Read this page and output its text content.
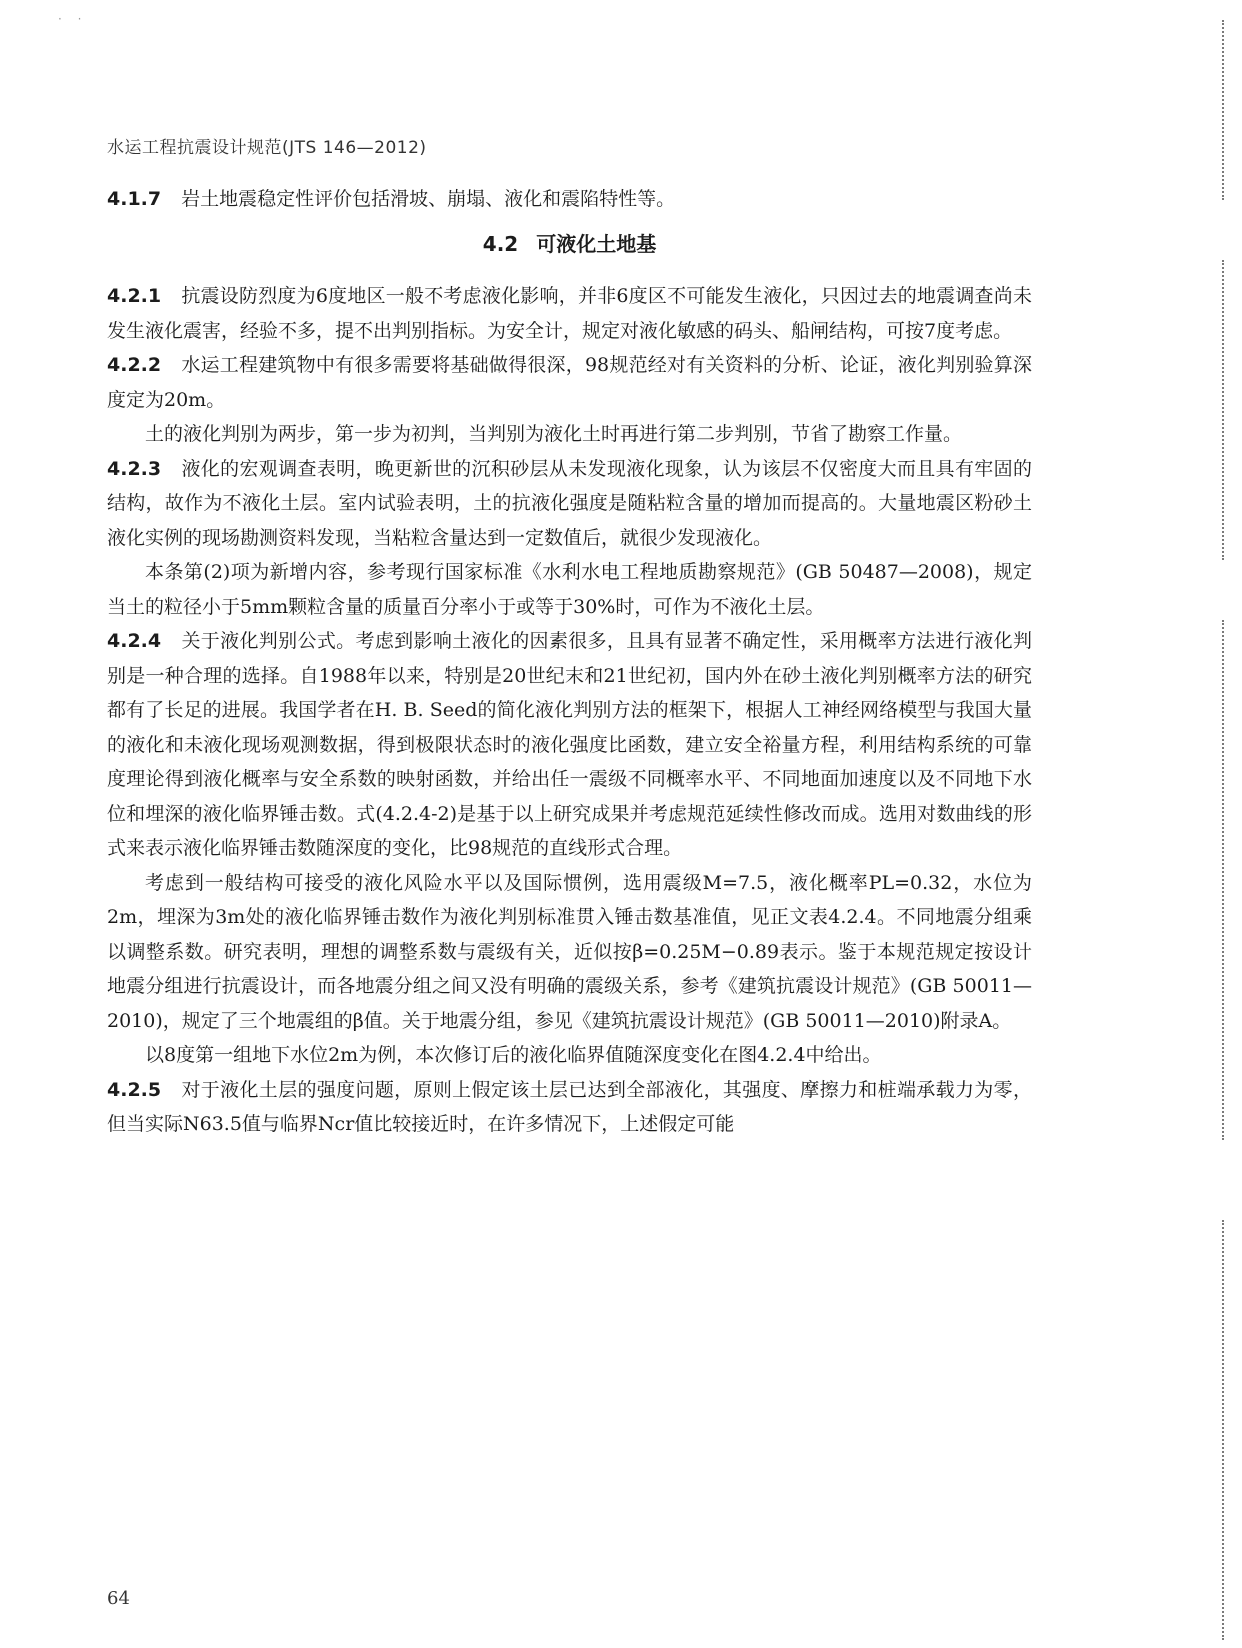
· ·
水运工程抗震设计规范(JTS 146—2012)

4.1.7 岩土地震稳定性评价包括滑坡、崩塌、液化和震陷特性等。

4.2 可液化土地基

4.2.1 抗震设防烈度为6度地区一般不考虑液化影响，并非6度区不可能发生液化，只因过去的地震调查尚未发生液化震害，经验不多，提不出判别指标。为安全计，规定对液化敏感的码头、船闸结构，可按7度考虑。

4.2.2 水运工程建筑物中有很多需要将基础做得很深，98规范经对有关资料的分析、论证，液化判别验算深度定为20m。

土的液化判别为两步，第一步为初判，当判别为液化土时再进行第二步判别，节省了勘察工作量。

4.2.3 液化的宏观调查表明，晚更新世的沉积砂层从未发现液化现象，认为该层不仅密度大而且具有牢固的结构，故作为不液化土层。室内试验表明，土的抗液化强度是随粘粒含量的增加而提高的。大量地震区粉砂土液化实例的现场勘测资料发现，当粘粒含量达到一定数值后，就很少发现液化。

本条第(2)项为新增内容，参考现行国家标准《水利水电工程地质勘察规范》(GB 50487—2008)，规定当土的粒径小于5mm颗粒含量的质量百分率小于或等于30%时，可作为不液化土层。

4.2.4 关于液化判别公式。考虑到影响土液化的因素很多，且具有显著不确定性，采用概率方法进行液化判别是一种合理的选择。自1988年以来，特别是20世纪末和21世纪初，国内外在砂土液化判别概率方法的研究都有了长足的进展。我国学者在H. B. Seed的简化液化判别方法的框架下，根据人工神经网络模型与我国大量的液化和未液化现场观测数据，得到极限状态时的液化强度比函数，建立安全裕量方程，利用结构系统的可靠度理论得到液化概率与安全系数的映射函数，并给出任一震级不同概率水平、不同地面加速度以及不同地下水位和埋深的液化临界锤击数。式(4.2.4-2)是基于以上研究成果并考虑规范延续性修改而成。选用对数曲线的形式来表示液化临界锤击数随深度的变化，比98规范的直线形式合理。

考虑到一般结构可接受的液化风险水平以及国际惯例，选用震级M=7.5，液化概率PL=0.32，水位为2m，埋深为3m处的液化临界锤击数作为液化判别标准贯入锤击数基准值，见正文表4.2.4。不同地震分组乘以调整系数。研究表明，理想的调整系数与震级有关，近似按β=0.25M−0.89表示。鉴于本规范规定按设计地震分组进行抗震设计，而各地震分组之间又没有明确的震级关系，参考《建筑抗震设计规范》(GB 50011—2010)，规定了三个地震组的β值。关于地震分组，参见《建筑抗震设计规范》(GB 50011—2010)附录A。

以8度第一组地下水位2m为例，本次修订后的液化临界值随深度变化在图4.2.4中给出。

4.2.5 对于液化土层的强度问题，原则上假定该土层已达到全部液化，其强度、摩擦力和桩端承载力为零，但当实际N63.5值与临界Ncr值比较接近时，在许多情况下，上述假定可能

64
